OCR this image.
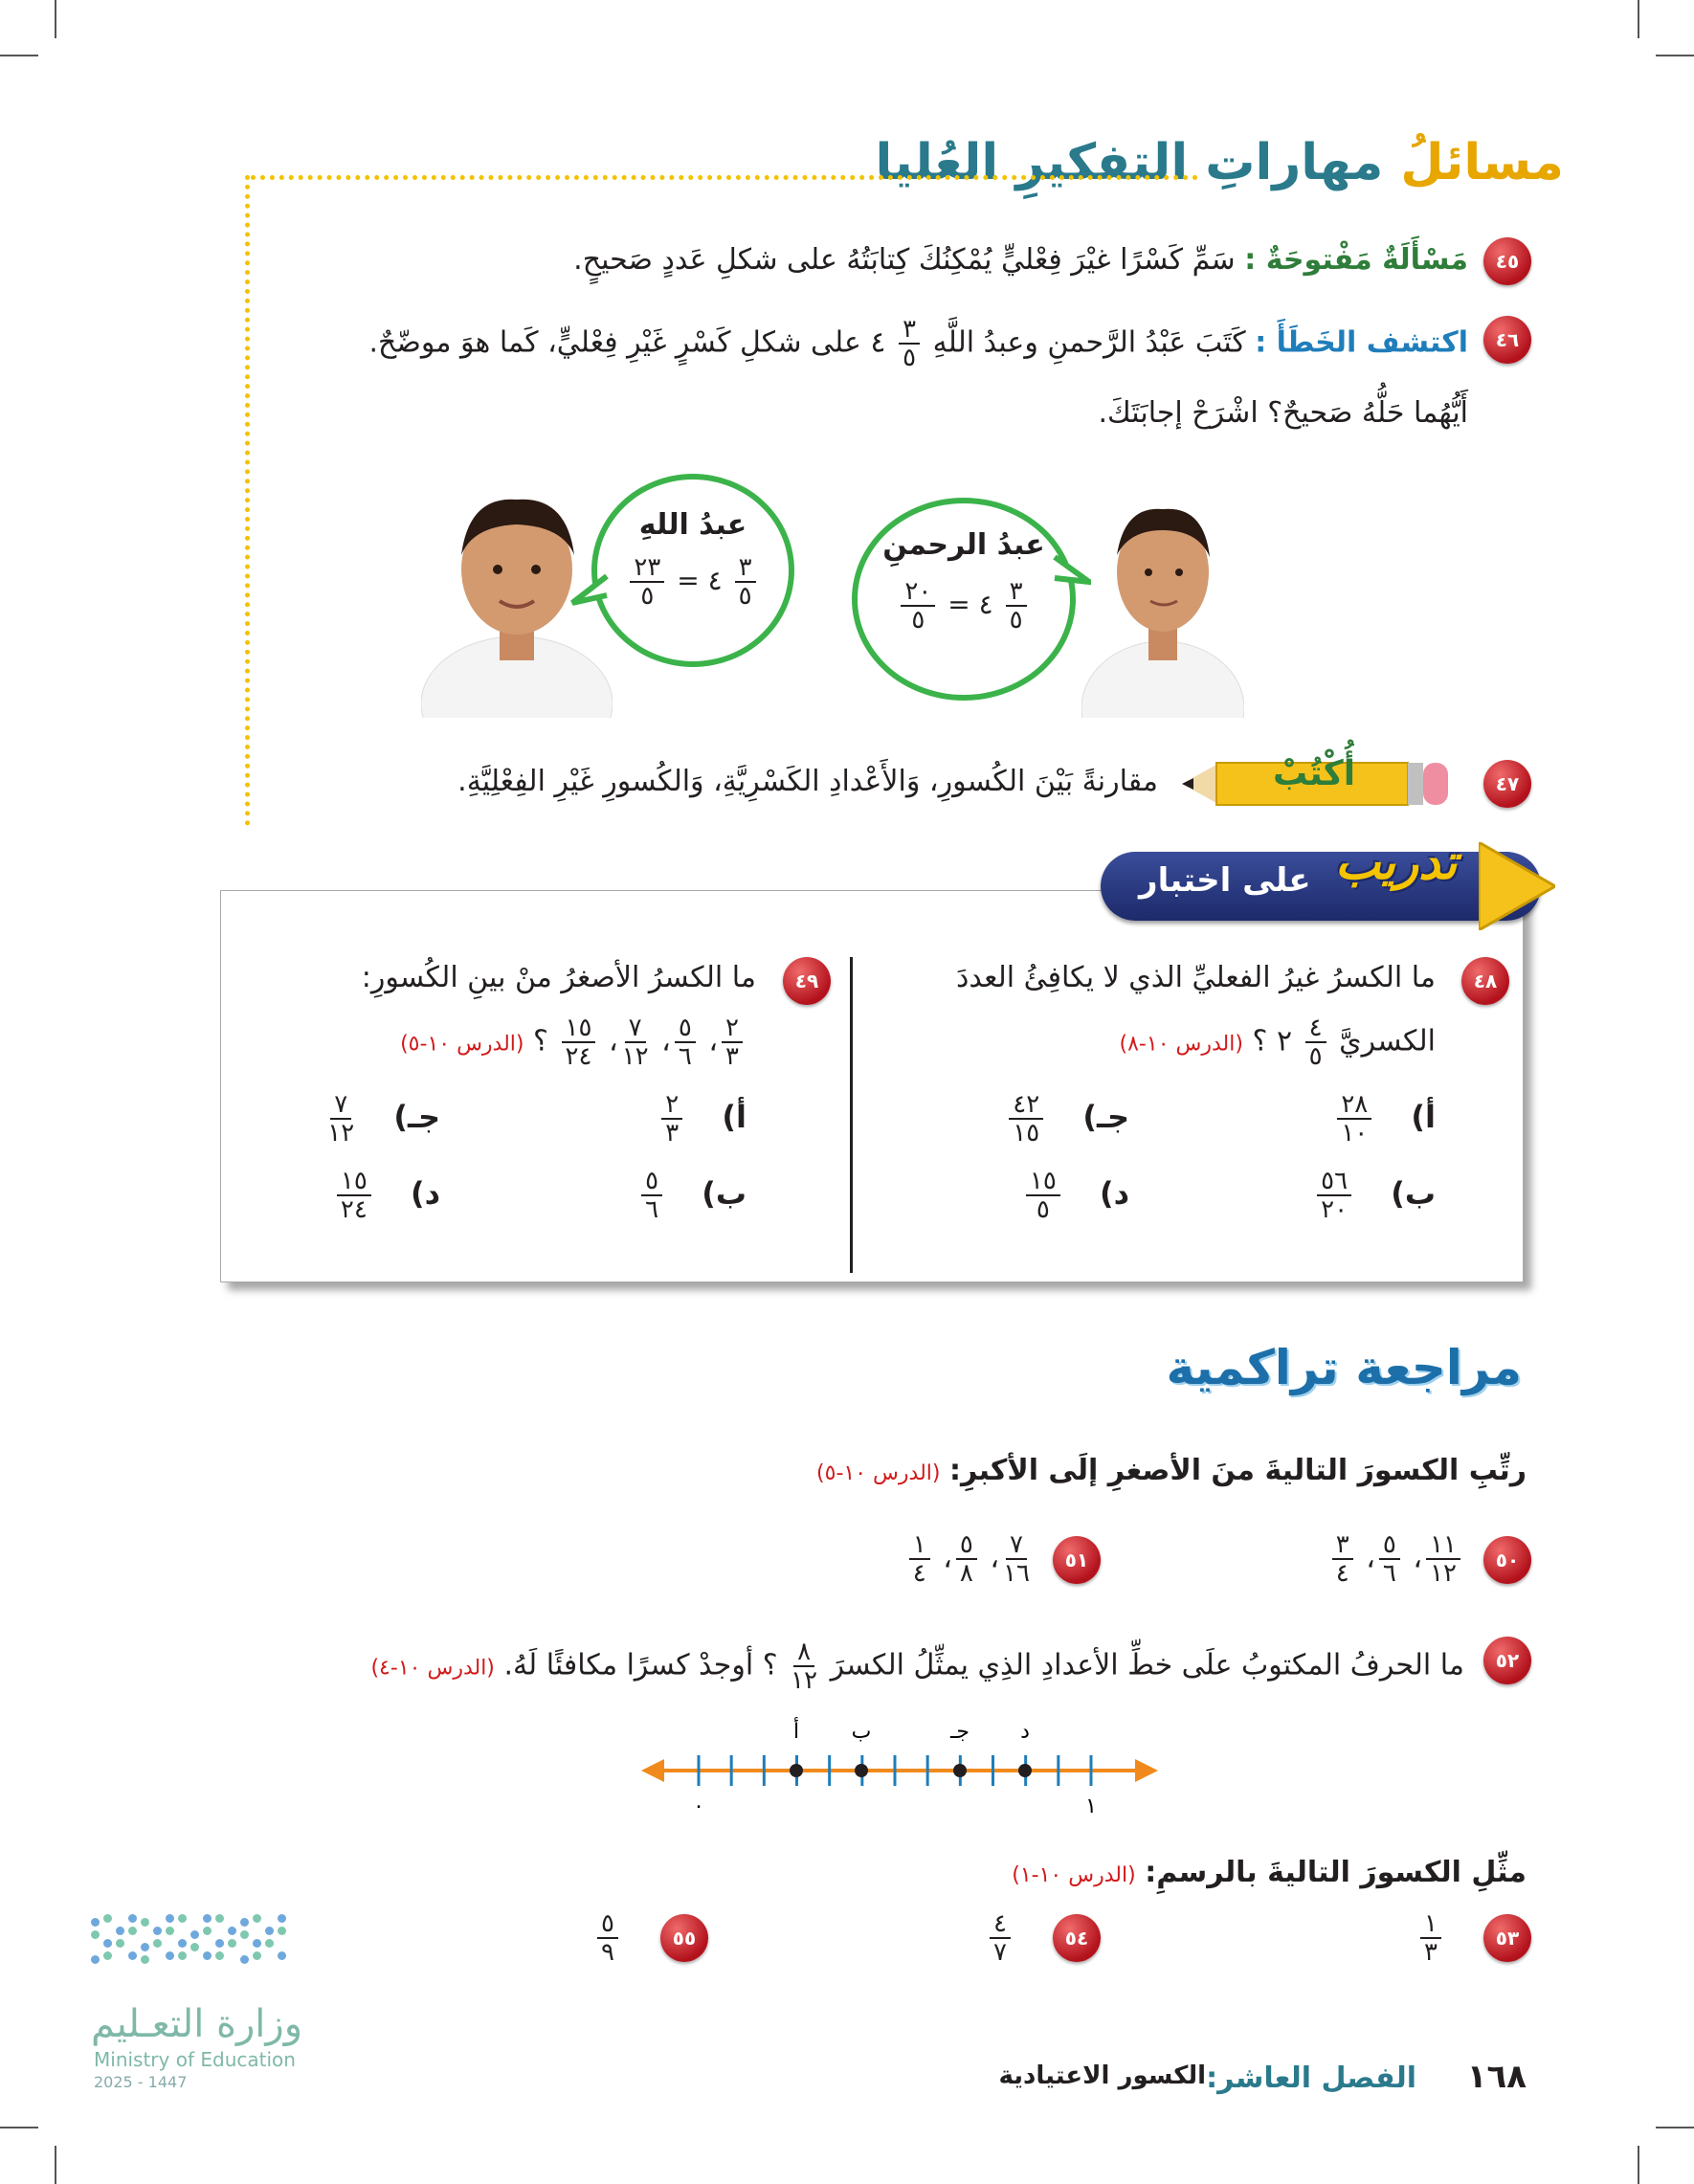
مسائلُ مهاراتِ التفكيرِ العُليا
٤٥
مَسْأَلَةٌ مَفْتوحَةٌ : سَمِّ كَسْرًا غيْرَ فِعْليٍّ يُمْكِنُكَ كِتابَتُهُ على شكلِ عَددٍ صَحيحٍ.
٤٦
اكتشف الخَطَأَ : كَتَبَ عَبْدُ الرَّحمنِ وعبدُ اللَّهِ
$\frac{٣}{٥}$
٤ على شكلِ كَسْرٍ غَيْرِ فِعْليٍّ، كَما هوَ موضّحٌ.
أَيُّهُما حَلُّهُ صَحيحٌ؟ اشْرَحْ إجابَتَكَ.
عبدُ اللهِ
$\frac{٢٣}{٥}$ = ٤ $\frac{٣}{٥}$
عبدُ الرحمنِ
$\frac{٢٠}{٥}$ = ٤ $\frac{٣}{٥}$
٤٧
أُكْتُبْ
مقارنةً بَيْنَ الكُسورِ، وَالأَعْدادِ الكَسْرِيَّةِ، وَالكُسورِ غَيْرِ الفِعْلِيَّةِ.
على اختبار تدريب
٤٨
ما الكسرُ غيرُ الفعليِّ الذي لا يكافِئُ العددَ
الكسريَّ
$\frac{٤}{٥}$
٢ ؟ (الدرس ١٠-٨)
أ)
$\frac{٢٨}{١٠}$
جـ)
$\frac{٤٢}{١٥}$
ب)
$\frac{٥٦}{٢٠}$
د)
$\frac{١٥}{٥}$
٤٩
ما الكسرُ الأصغرُ منْ بينِ الكُسورِ:
$\frac{٢}{٣}$
،
$\frac{٥}{٦}$
،
$\frac{٧}{١٢}$
،
$\frac{١٥}{٢٤}$
؟ (الدرس ١٠-٥)
أ)
$\frac{٢}{٣}$
جـ)
$\frac{٧}{١٢}$
ب)
$\frac{٥}{٦}$
د)
$\frac{١٥}{٢٤}$
مراجعة تراكمية
رتِّبِ الكسورَ التاليةَ منَ الأصغرِ إلَى الأكبرِ: (الدرس ١٠-٥)
٥٠
$\frac{١١}{١٢}$
،
$\frac{٥}{٦}$
،
$\frac{٣}{٤}$
٥١
$\frac{٧}{١٦}$
،
$\frac{٥}{٨}$
،
$\frac{١}{٤}$
٥٢
ما الحرفُ المكتوبُ علَى خطِّ الأعدادِ الذِي يمثِّلُ الكسرَ
$\frac{٨}{١٢}$
؟ أوجدْ كسرًا مكافئًا لَهُ. (الدرس ١٠-٤)
أ ب	جـ د
٠	١
مثِّلِ الكسورَ التاليةَ بالرسمِ: (الدرس ١٠-١)
٥٣
$\frac{١}{٣}$
٥٤
$\frac{٤}{٧}$
٥٥
$\frac{٥}{٩}$
وزارة التعـليم
Ministry of Education
2025 - 1447	١٦٨
الفصل العاشر:
الكسور الاعتيادية
